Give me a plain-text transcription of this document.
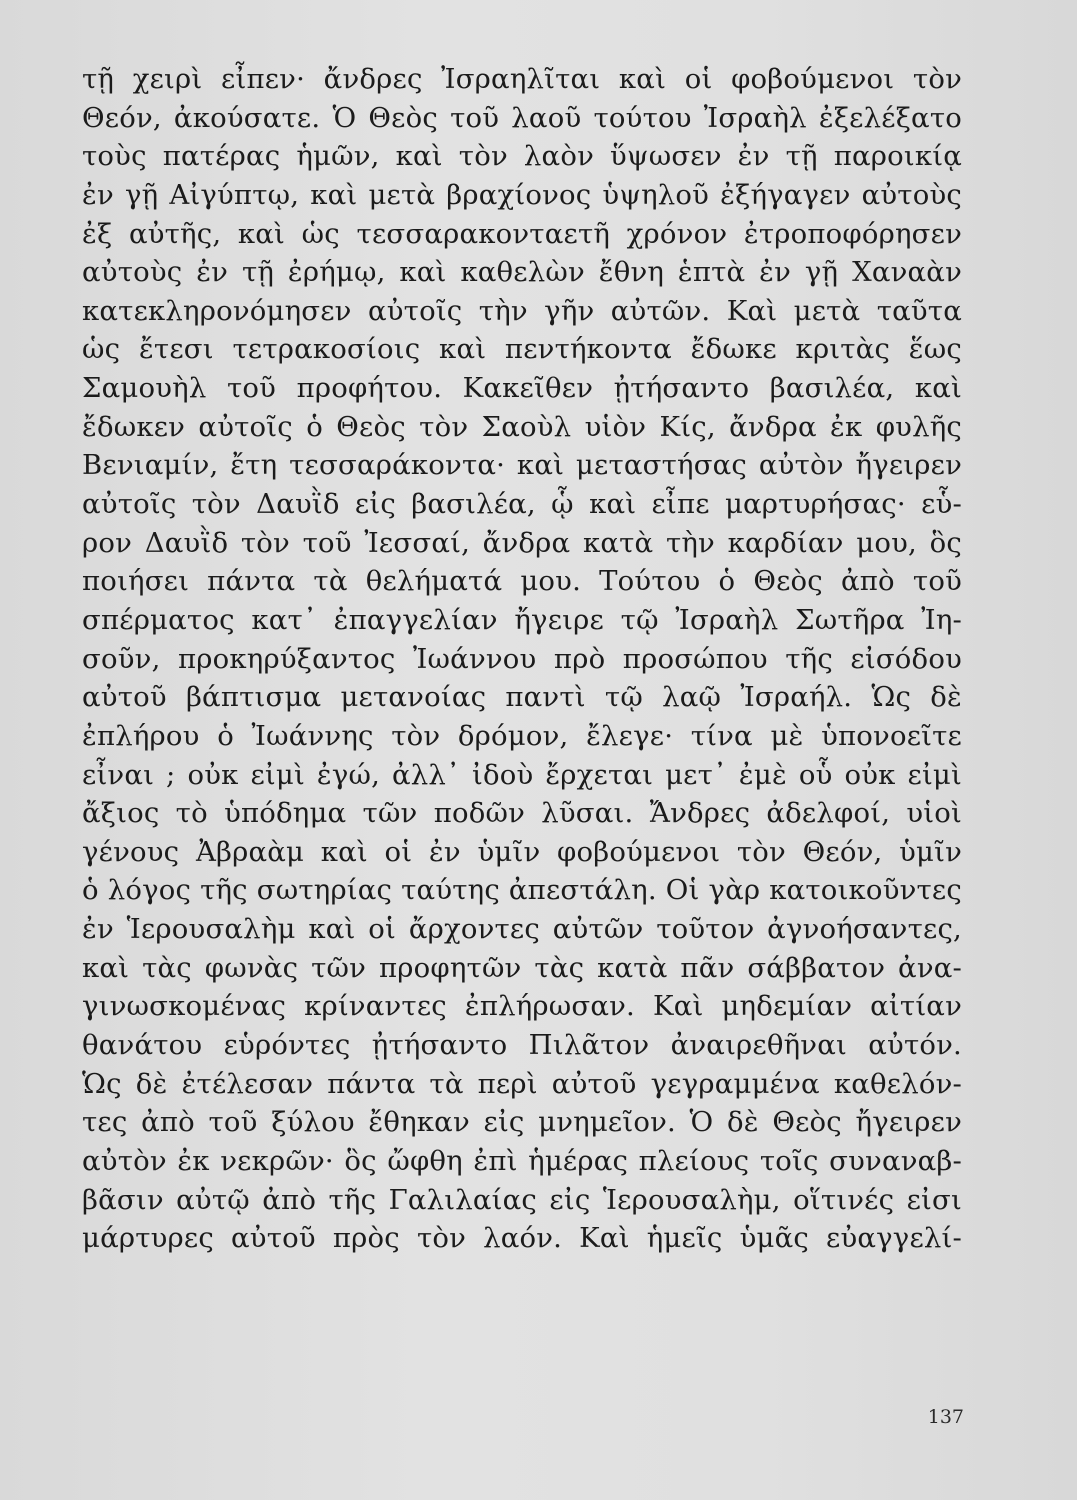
τῇ χειρὶ εἶπεν· ἄνδρες Ἰσραηλῖται καὶ οἱ φοβούμενοι τὸν
Θεόν, ἀκούσατε. Ὁ Θεὸς τοῦ λαοῦ τούτου Ἰσραὴλ ἐξελέξατο
τοὺς πατέρας ἡμῶν, καὶ τὸν λαὸν ὕψωσεν ἐν τῇ παροικίᾳ
ἐν γῇ Αἰγύπτῳ, καὶ μετὰ βραχίονος ὑψηλοῦ ἐξήγαγεν αὐτοὺς
ἐξ αὐτῆς, καὶ ὡς τεσσαρακονταετῆ χρόνον ἐτροποφόρησεν
αὐτοὺς ἐν τῇ ἐρήμῳ, καὶ καθελὼν ἔθνη ἑπτὰ ἐν γῇ Χαναὰν
κατεκληρονόμησεν αὐτοῖς τὴν γῆν αὐτῶν. Καὶ μετὰ ταῦτα
ὡς ἔτεσι τετρακοσίοις καὶ πεντήκοντα ἔδωκε κριτὰς ἕως
Σαμουὴλ τοῦ προφήτου. Κακεῖθεν ᾐτήσαντο βασιλέα, καὶ
ἔδωκεν αὐτοῖς ὁ Θεὸς τὸν Σαοὺλ υἱὸν Κίς, ἄνδρα ἐκ φυλῆς
Βενιαμίν, ἔτη τεσσαράκοντα· καὶ μεταστήσας αὐτὸν ἤγειρεν
αὐτοῖς τὸν Δαυῒδ εἰς βασιλέα, ᾧ καὶ εἶπε μαρτυρήσας· εὗ-
ρον Δαυῒδ τὸν τοῦ Ἰεσσαί, ἄνδρα κατὰ τὴν καρδίαν μου, ὃς
ποιήσει πάντα τὰ θελήματά μου. Τούτου ὁ Θεὸς ἀπὸ τοῦ
σπέρματος κατ᾽ ἐπαγγελίαν ἤγειρε τῷ Ἰσραὴλ Σωτῆρα Ἰη-
σοῦν, προκηρύξαντος Ἰωάννου πρὸ προσώπου τῆς εἰσόδου
αὐτοῦ βάπτισμα μετανοίας παντὶ τῷ λαῷ Ἰσραήλ. Ὡς δὲ
ἐπλήρου ὁ Ἰωάννης τὸν δρόμον, ἔλεγε· τίνα μὲ ὑπονοεῖτε
εἶναι ; οὐκ εἰμὶ ἐγώ, ἀλλ᾽ ἰδοὺ ἔρχεται μετ᾽ ἐμὲ οὗ οὐκ εἰμὶ
ἄξιος τὸ ὑπόδημα τῶν ποδῶν λῦσαι. Ἄνδρες ἀδελφοί, υἱοὶ
γένους Ἀβραὰμ καὶ οἱ ἐν ὑμῖν φοβούμενοι τὸν Θεόν, ὑμῖν
ὁ λόγος τῆς σωτηρίας ταύτης ἀπεστάλη. Οἱ γὰρ κατοικοῦντες
ἐν Ἱερουσαλὴμ καὶ οἱ ἄρχοντες αὐτῶν τοῦτον ἀγνοήσαντες,
καὶ τὰς φωνὰς τῶν προφητῶν τὰς κατὰ πᾶν σάββατον ἀνα-
γινωσκομένας κρίναντες ἐπλήρωσαν. Καὶ μηδεμίαν αἰτίαν
θανάτου εὑρόντες ᾐτήσαντο Πιλᾶτον ἀναιρεθῆναι αὐτόν.
Ὡς δὲ ἐτέλεσαν πάντα τὰ περὶ αὐτοῦ γεγραμμένα καθελόν-
τες ἀπὸ τοῦ ξύλου ἔθηκαν εἰς μνημεῖον. Ὁ δὲ Θεὸς ἤγειρεν
αὐτὸν ἐκ νεκρῶν· ὃς ὤφθη ἐπὶ ἡμέρας πλείους τοῖς συναναβ-
βᾶσιν αὐτῷ ἀπὸ τῆς Γαλιλαίας εἰς Ἱερουσαλὴμ, οἵτινές εἰσι
μάρτυρες αὐτοῦ πρὸς τὸν λαόν. Καὶ ἡμεῖς ὑμᾶς εὐαγγελί-
137
